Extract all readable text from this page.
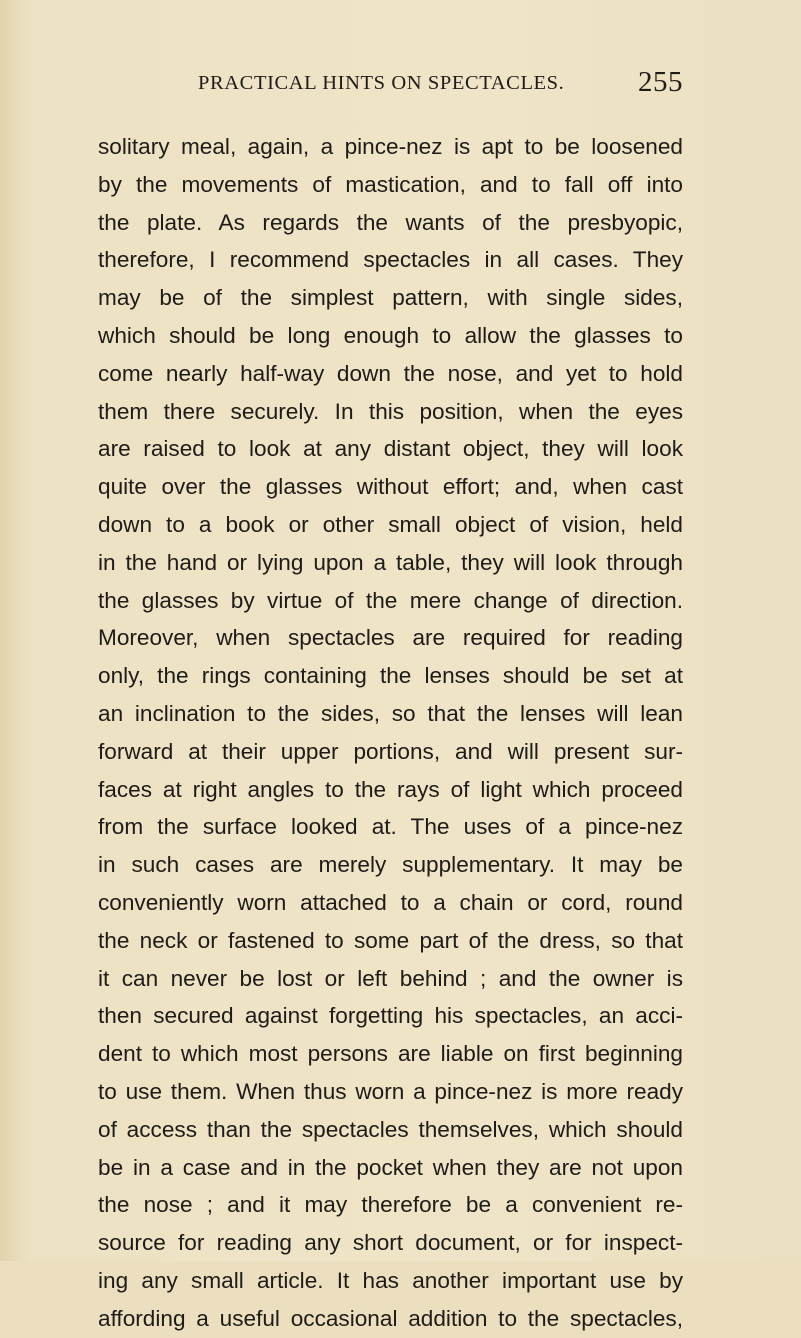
PRACTICAL HINTS ON SPECTACLES.	255
solitary meal, again, a pince-nez is apt to be loosened
by the movements of mastication, and to fall off into
the plate. As regards the wants of the presbyopic,
therefore, I recommend spectacles in all cases. They
may be of the simplest pattern, with single sides,
which should be long enough to allow the glasses to
come nearly half-way down the nose, and yet to hold
them there securely. In this position, when the eyes
are raised to look at any distant object, they will look
quite over the glasses without effort; and, when cast
down to a book or other small object of vision, held
in the hand or lying upon a table, they will look through
the glasses by virtue of the mere change of direction.
Moreover, when spectacles are required for reading
only, the rings containing the lenses should be set at
an inclination to the sides, so that the lenses will lean
forward at their upper portions, and will present sur-
faces at right angles to the rays of light which proceed
from the surface looked at. The uses of a pince-nez
in such cases are merely supplementary. It may be
conveniently worn attached to a chain or cord, round
the neck or fastened to some part of the dress, so that
it can never be lost or left behind ; and the owner is
then secured against forgetting his spectacles, an acci-
dent to which most persons are liable on first beginning
to use them. When thus worn a pince-nez is more ready
of access than the spectacles themselves, which should
be in a case and in the pocket when they are not upon
the nose ; and it may therefore be a convenient re-
source for reading any short document, or for inspect-
ing any small article. It has another important use by
affording a useful occasional addition to the spectacles,
